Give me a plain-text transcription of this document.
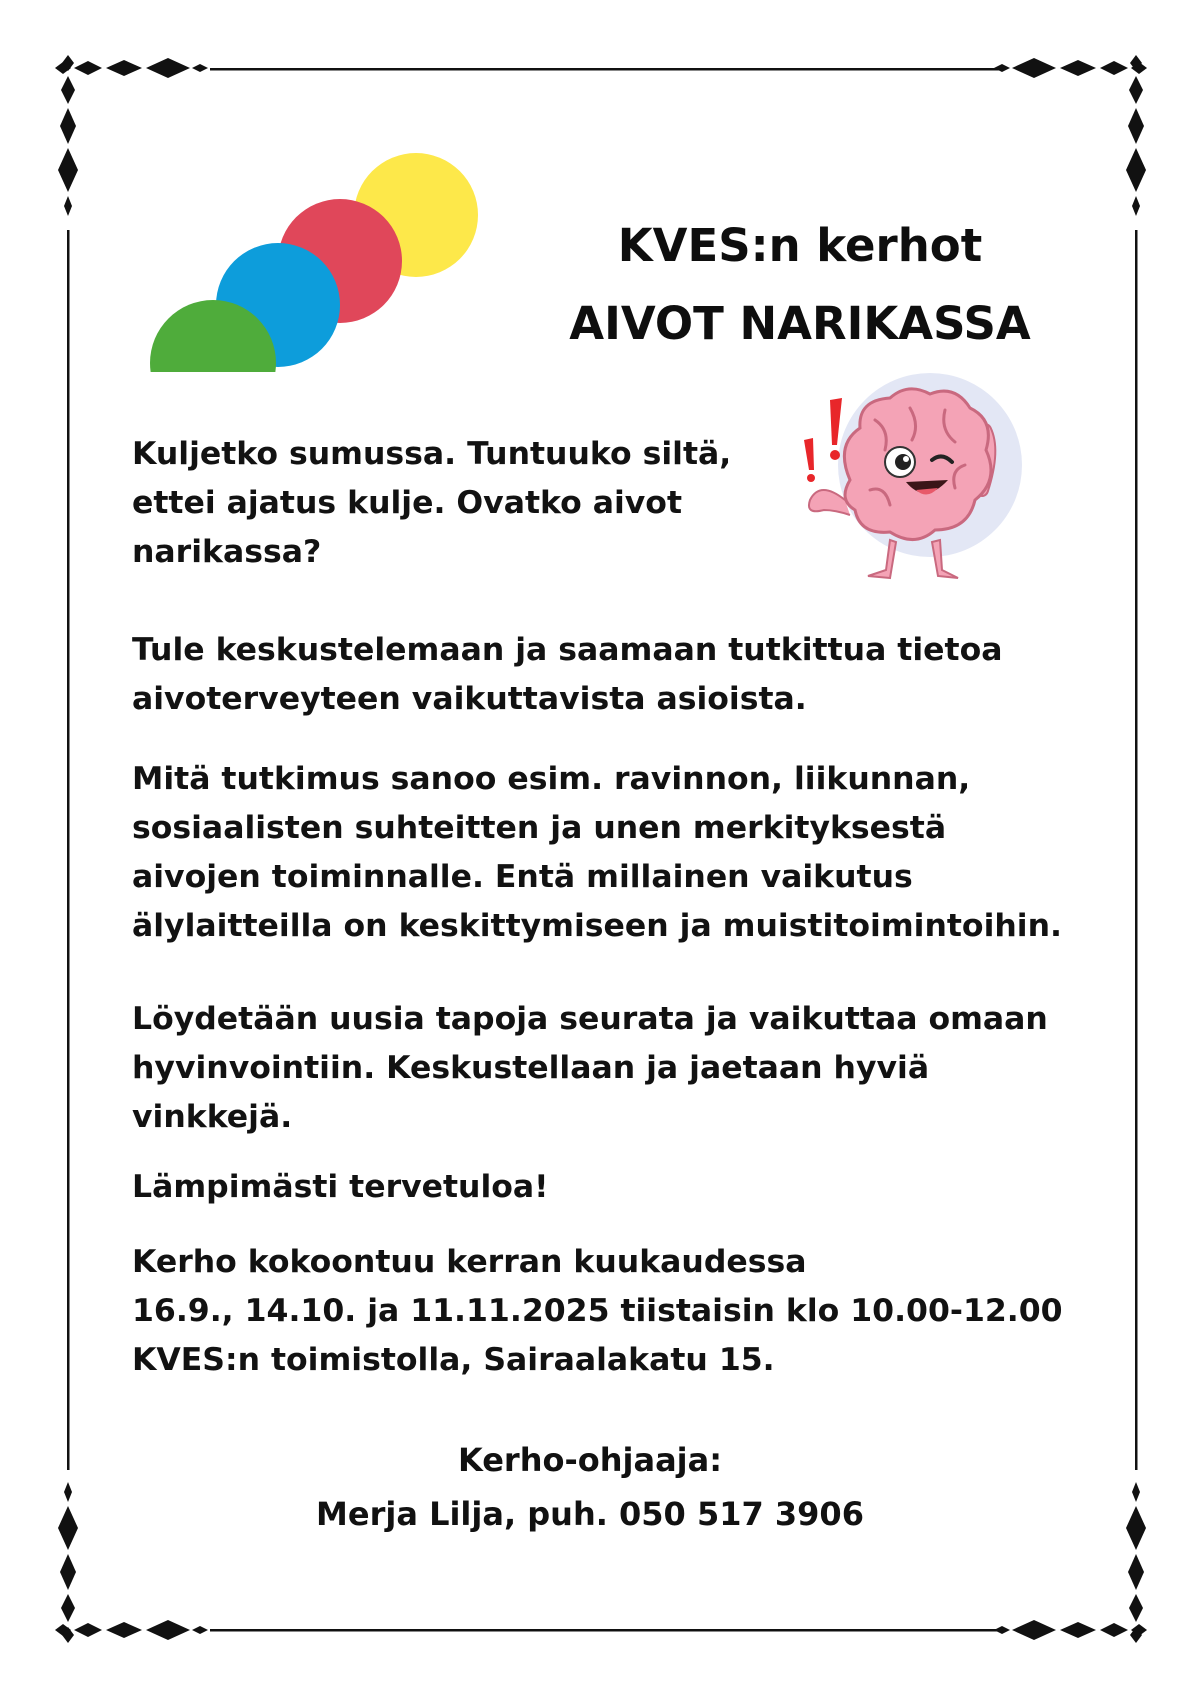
KVES:n kerhot
AIVOT NARIKASSA

Kuljetko sumussa. Tuntuuko siltä,
ettei ajatus kulje. Ovatko aivot
narikassa?

Tule keskustelemaan ja saamaan tutkittua tietoa
aivoterveyteen vaikuttavista asioista.

Mitä tutkimus sanoo esim. ravinnon, liikunnan,
sosiaalisten suhteitten ja unen merkityksestä
aivojen toiminnalle. Entä millainen vaikutus
älylaitteilla on keskittymiseen ja muistitoimintoihin.

Löydetään uusia tapoja seurata ja vaikuttaa omaan
hyvinvointiin. Keskustellaan ja jaetaan hyviä
vinkkejä.

Lämpimästi tervetuloa!

Kerho kokoontuu kerran kuukaudessa
16.9., 14.10. ja 11.11.2025 tiistaisin klo 10.00-12.00
KVES:n toimistolla, Sairaalakatu 15.

Kerho-ohjaaja:

Merja Lilja, puh. 050 517 3906
